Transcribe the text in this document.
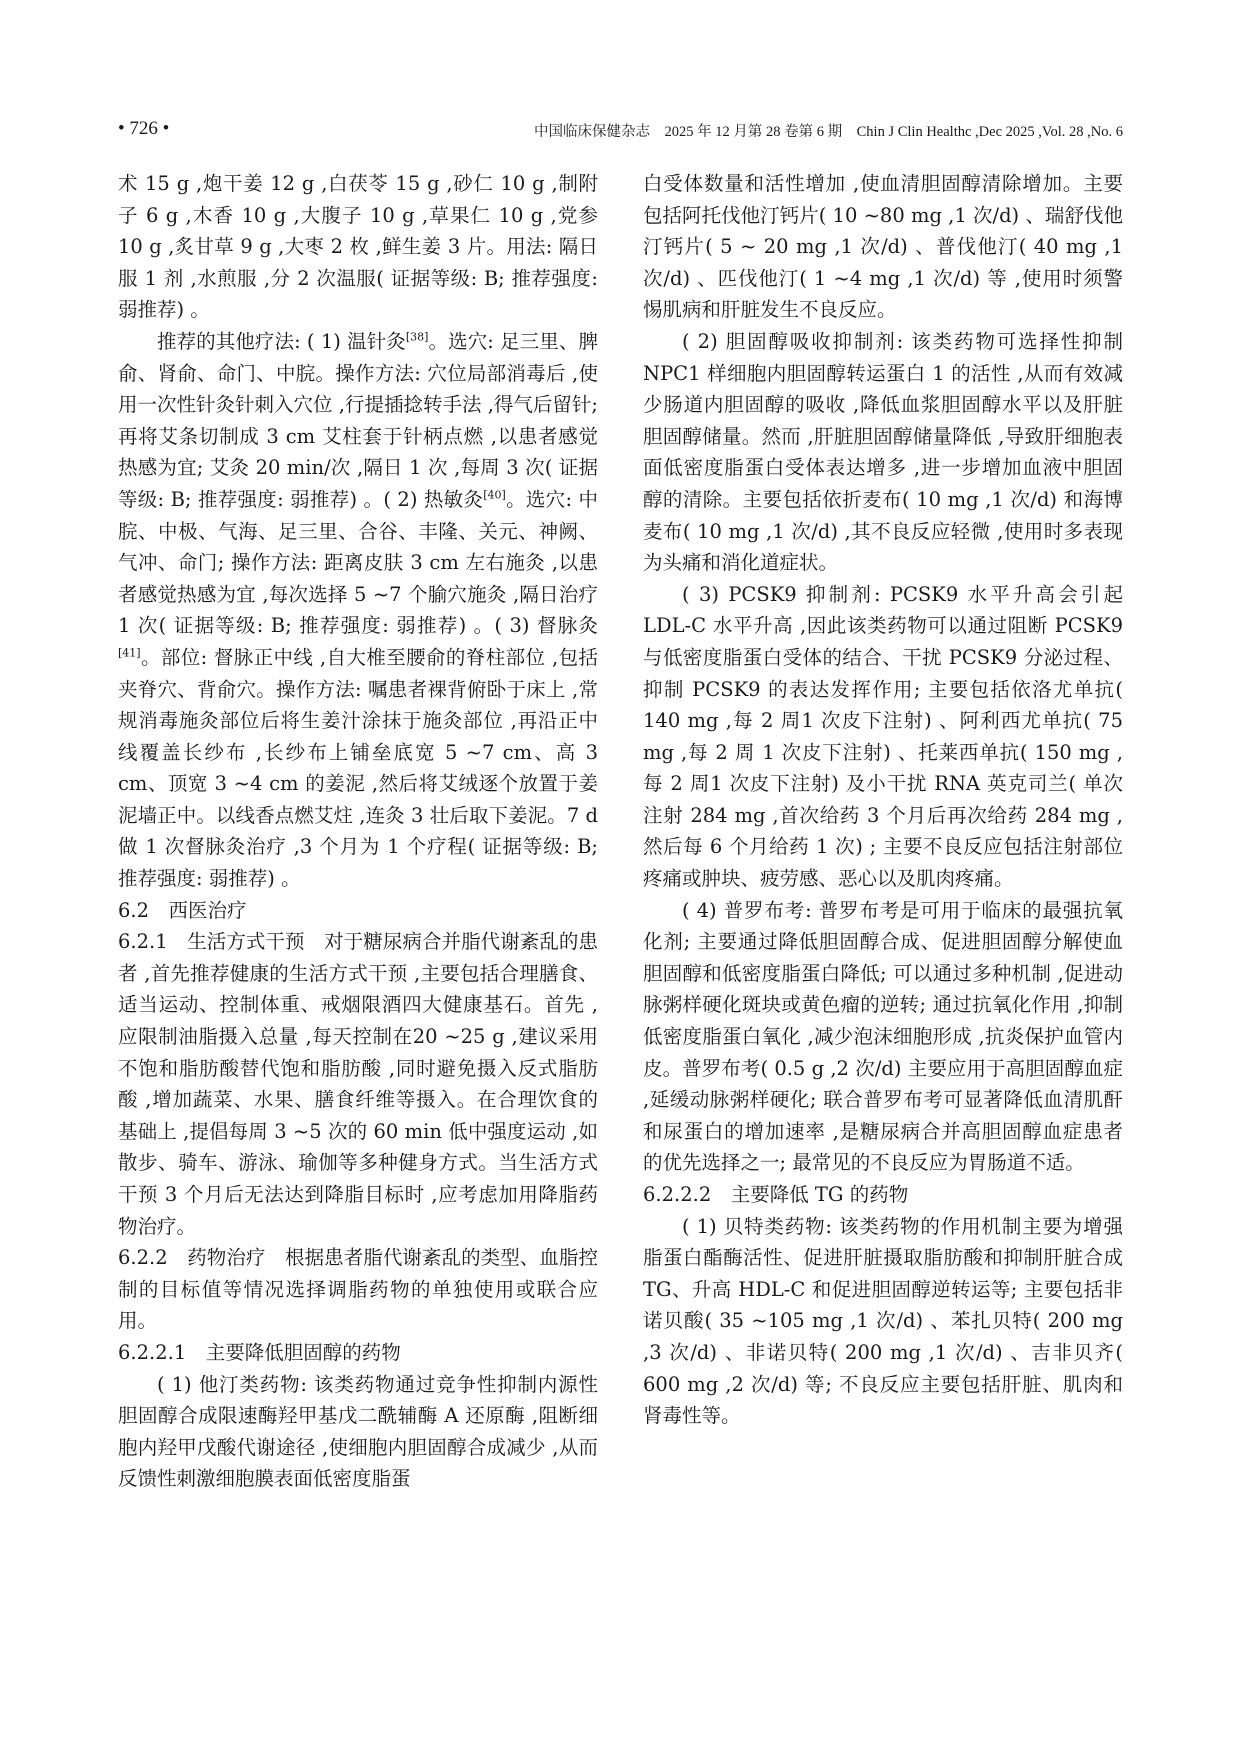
• 726 •	中国临床保健杂志　2025 年 12 月第 28 卷第 6 期　Chin J Clin Healthc ,Dec 2025 ,Vol. 28 ,No. 6

术 15 g ,炮干姜 12 g ,白茯苓 15 g ,砂仁 10 g ,制附子 6 g ,木香 10 g ,大腹子 10 g ,草果仁 10 g ,党参 10 g ,炙甘草 9 g ,大枣 2 枚 ,鲜生姜 3 片。用法: 隔日服 1 剂 ,水煎服 ,分 2 次温服( 证据等级: B; 推荐强度: 弱推荐) 。

推荐的其他疗法: ( 1) 温针灸[38]。选穴: 足三里、脾俞、肾俞、命门、中脘。操作方法: 穴位局部消毒后 ,使用一次性针灸针刺入穴位 ,行提插捻转手法 ,得气后留针; 再将艾条切制成 3 cm 艾柱套于针柄点燃 ,以患者感觉热感为宜; 艾灸 20 min/次 ,隔日 1 次 ,每周 3 次( 证据等级: B; 推荐强度: 弱推荐) 。( 2) 热敏灸[40]。选穴: 中脘、中极、气海、足三里、合谷、丰隆、关元、神阙、气冲、命门; 操作方法: 距离皮肤 3 cm 左右施灸 ,以患者感觉热感为宜 ,每次选择 5 ~7 个腧穴施灸 ,隔日治疗 1 次( 证据等级: B; 推荐强度: 弱推荐) 。( 3) 督脉灸[41]。部位: 督脉正中线 ,自大椎至腰俞的脊柱部位 ,包括夹脊穴、背俞穴。操作方法: 嘱患者裸背俯卧于床上 ,常规消毒施灸部位后将生姜汁涂抹于施灸部位 ,再沿正中线覆盖长纱布 ,长纱布上铺垒底宽 5 ~7 cm、高 3 cm、顶宽 3 ~4 cm 的姜泥 ,然后将艾绒逐个放置于姜泥墙正中。以线香点燃艾炷 ,连灸 3 壮后取下姜泥。7 d 做 1 次督脉灸治疗 ,3 个月为 1 个疗程( 证据等级: B; 推荐强度: 弱推荐) 。

6.2　西医治疗

6.2.1　生活方式干预　对于糖尿病合并脂代谢紊乱的患者 ,首先推荐健康的生活方式干预 ,主要包括合理膳食、适当运动、控制体重、戒烟限酒四大健康基石。首先 ,应限制油脂摄入总量 ,每天控制在20 ~25 g ,建议采用不饱和脂肪酸替代饱和脂肪酸 ,同时避免摄入反式脂肪酸 ,增加蔬菜、水果、膳食纤维等摄入。在合理饮食的基础上 ,提倡每周 3 ~5 次的 60 min 低中强度运动 ,如散步、骑车、游泳、瑜伽等多种健身方式。当生活方式干预 3 个月后无法达到降脂目标时 ,应考虑加用降脂药物治疗。

6.2.2　药物治疗　根据患者脂代谢紊乱的类型、血脂控制的目标值等情况选择调脂药物的单独使用或联合应用。

6.2.2.1　主要降低胆固醇的药物

( 1) 他汀类药物: 该类药物通过竞争性抑制内源性胆固醇合成限速酶羟甲基戊二酰辅酶 A 还原酶 ,阻断细胞内羟甲戊酸代谢途径 ,使细胞内胆固醇合成减少 ,从而反馈性刺激细胞膜表面低密度脂蛋

白受体数量和活性增加 ,使血清胆固醇清除增加。主要包括阿托伐他汀钙片( 10 ~80 mg ,1 次/d) 、瑞舒伐他汀钙片( 5 ~ 20 mg ,1 次/d) 、普伐他汀( 40 mg ,1 次/d) 、匹伐他汀( 1 ~4 mg ,1 次/d) 等 ,使用时须警惕肌病和肝脏发生不良反应。

( 2) 胆固醇吸收抑制剂: 该类药物可选择性抑制 NPC1 样细胞内胆固醇转运蛋白 1 的活性 ,从而有效减少肠道内胆固醇的吸收 ,降低血浆胆固醇水平以及肝脏胆固醇储量。然而 ,肝脏胆固醇储量降低 ,导致肝细胞表面低密度脂蛋白受体表达增多 ,进一步增加血液中胆固醇的清除。主要包括依折麦布( 10 mg ,1 次/d) 和海博麦布( 10 mg ,1 次/d) ,其不良反应轻微 ,使用时多表现为头痛和消化道症状。

( 3) PCSK9 抑制剂: PCSK9 水平升高会引起 LDL-C 水平升高 ,因此该类药物可以通过阻断 PCSK9 与低密度脂蛋白受体的结合、干扰 PCSK9 分泌过程、抑制 PCSK9 的表达发挥作用; 主要包括依洛尤单抗( 140 mg ,每 2 周1 次皮下注射) 、阿利西尤单抗( 75 mg ,每 2 周 1 次皮下注射) 、托莱西单抗( 150 mg ,每 2 周1 次皮下注射) 及小干扰 RNA 英克司兰( 单次注射 284 mg ,首次给药 3 个月后再次给药 284 mg ,然后每 6 个月给药 1 次) ; 主要不良反应包括注射部位疼痛或肿块、疲劳感、恶心以及肌肉疼痛。

( 4) 普罗布考: 普罗布考是可用于临床的最强抗氧化剂; 主要通过降低胆固醇合成、促进胆固醇分解使血胆固醇和低密度脂蛋白降低; 可以通过多种机制 ,促进动脉粥样硬化斑块或黄色瘤的逆转; 通过抗氧化作用 ,抑制低密度脂蛋白氧化 ,减少泡沫细胞形成 ,抗炎保护血管内皮。普罗布考( 0.5 g ,2 次/d) 主要应用于高胆固醇血症 ,延缓动脉粥样硬化; 联合普罗布考可显著降低血清肌酐和尿蛋白的增加速率 ,是糖尿病合并高胆固醇血症患者的优先选择之一; 最常见的不良反应为胃肠道不适。

6.2.2.2　主要降低 TG 的药物

( 1) 贝特类药物: 该类药物的作用机制主要为增强脂蛋白酯酶活性、促进肝脏摄取脂肪酸和抑制肝脏合成 TG、升高 HDL-C 和促进胆固醇逆转运等; 主要包括非诺贝酸( 35 ~105 mg ,1 次/d) 、苯扎贝特( 200 mg ,3 次/d) 、非诺贝特( 200 mg ,1 次/d) 、吉非贝齐( 600 mg ,2 次/d) 等; 不良反应主要包括肝脏、肌肉和肾毒性等。
